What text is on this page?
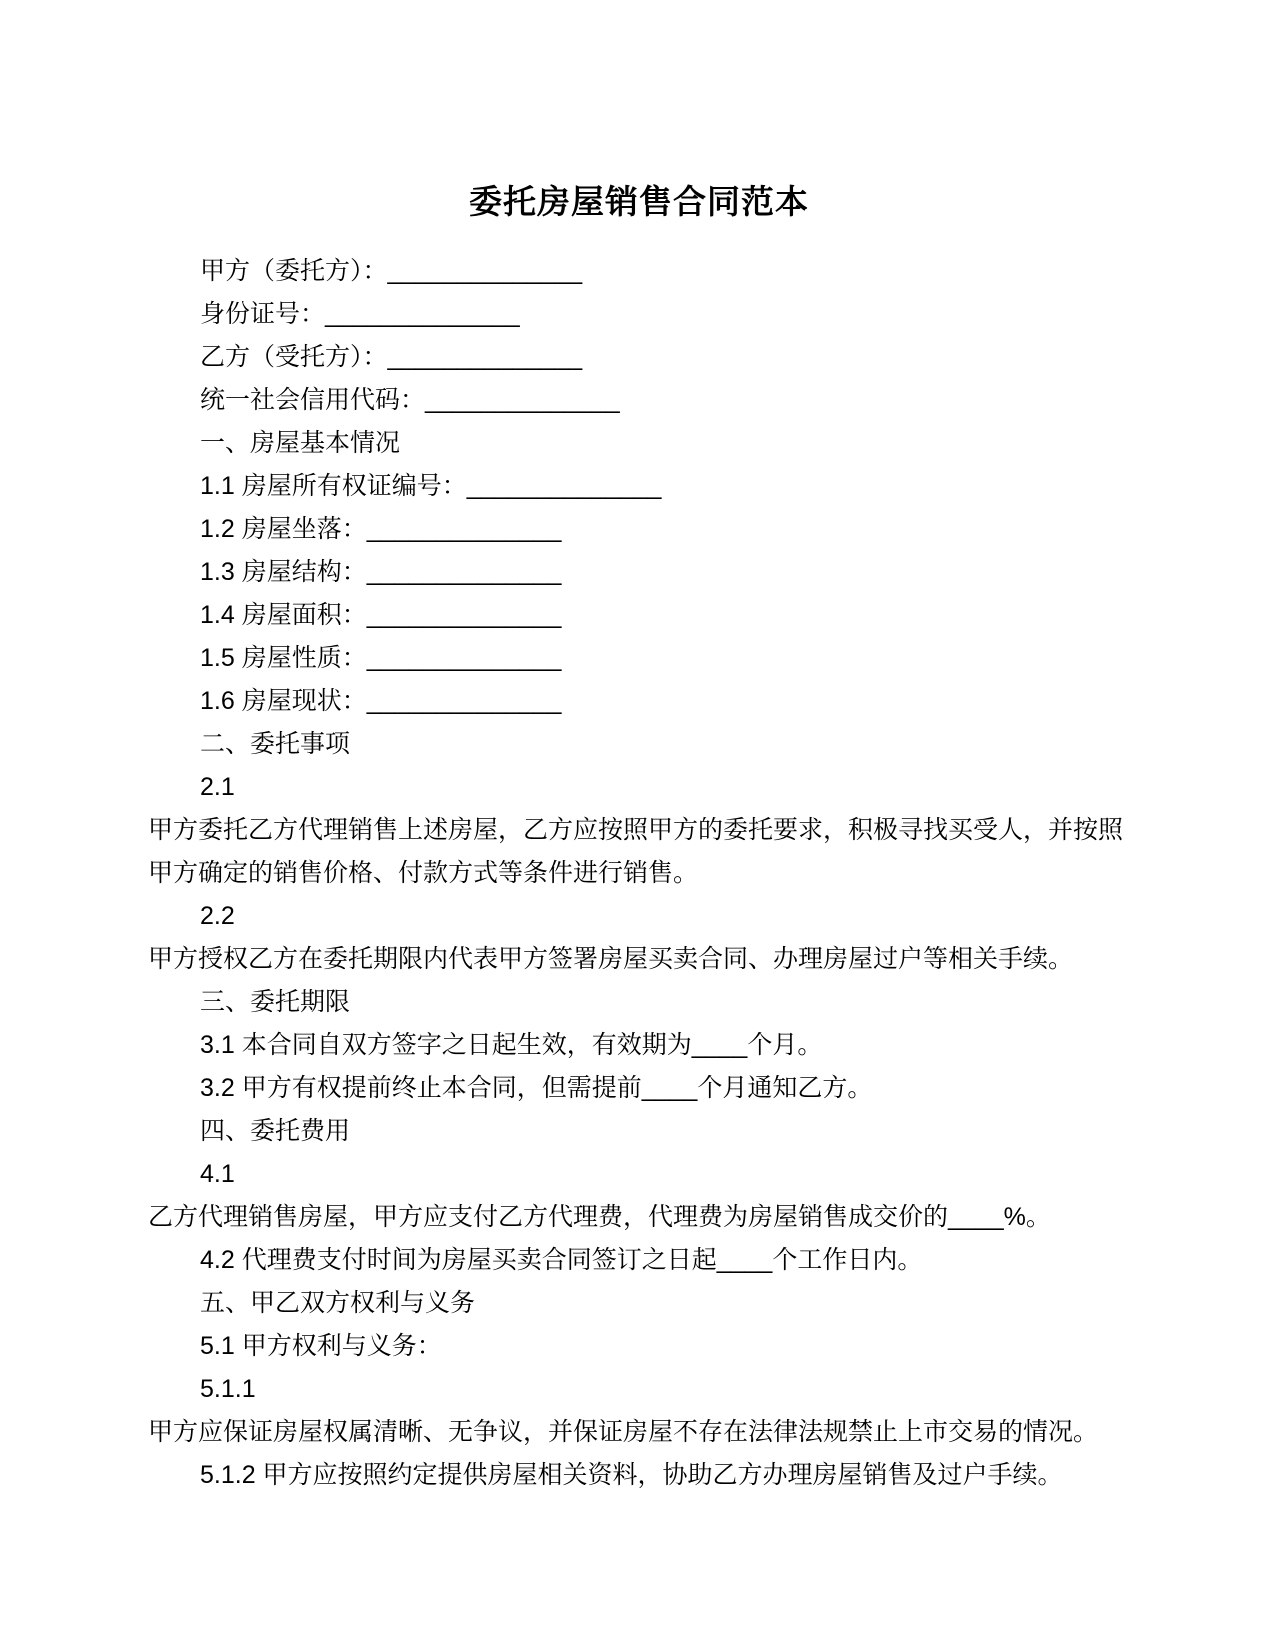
委托房屋销售合同范本
甲方（委托方）：______________
身份证号：______________
乙方（受托方）：______________
统一社会信用代码：______________
一、房屋基本情况
1.1 房屋所有权证编号：______________
1.2 房屋坐落：______________
1.3 房屋结构：______________
1.4 房屋面积：______________
1.5 房屋性质：______________
1.6 房屋现状：______________
二、委托事项
2.1
甲方委托乙方代理销售上述房屋，乙方应按照甲方的委托要求，积极寻找买受人，并按照
甲方确定的销售价格、付款方式等条件进行销售。
2.2
甲方授权乙方在委托期限内代表甲方签署房屋买卖合同、办理房屋过户等相关手续。
三、委托期限
3.1 本合同自双方签字之日起生效，有效期为____个月。
3.2 甲方有权提前终止本合同，但需提前____个月通知乙方。
四、委托费用
4.1
乙方代理销售房屋，甲方应支付乙方代理费，代理费为房屋销售成交价的____%。
4.2 代理费支付时间为房屋买卖合同签订之日起____个工作日内。
五、甲乙双方权利与义务
5.1 甲方权利与义务：
5.1.1
甲方应保证房屋权属清晰、无争议，并保证房屋不存在法律法规禁止上市交易的情况。
5.1.2 甲方应按照约定提供房屋相关资料，协助乙方办理房屋销售及过户手续。
